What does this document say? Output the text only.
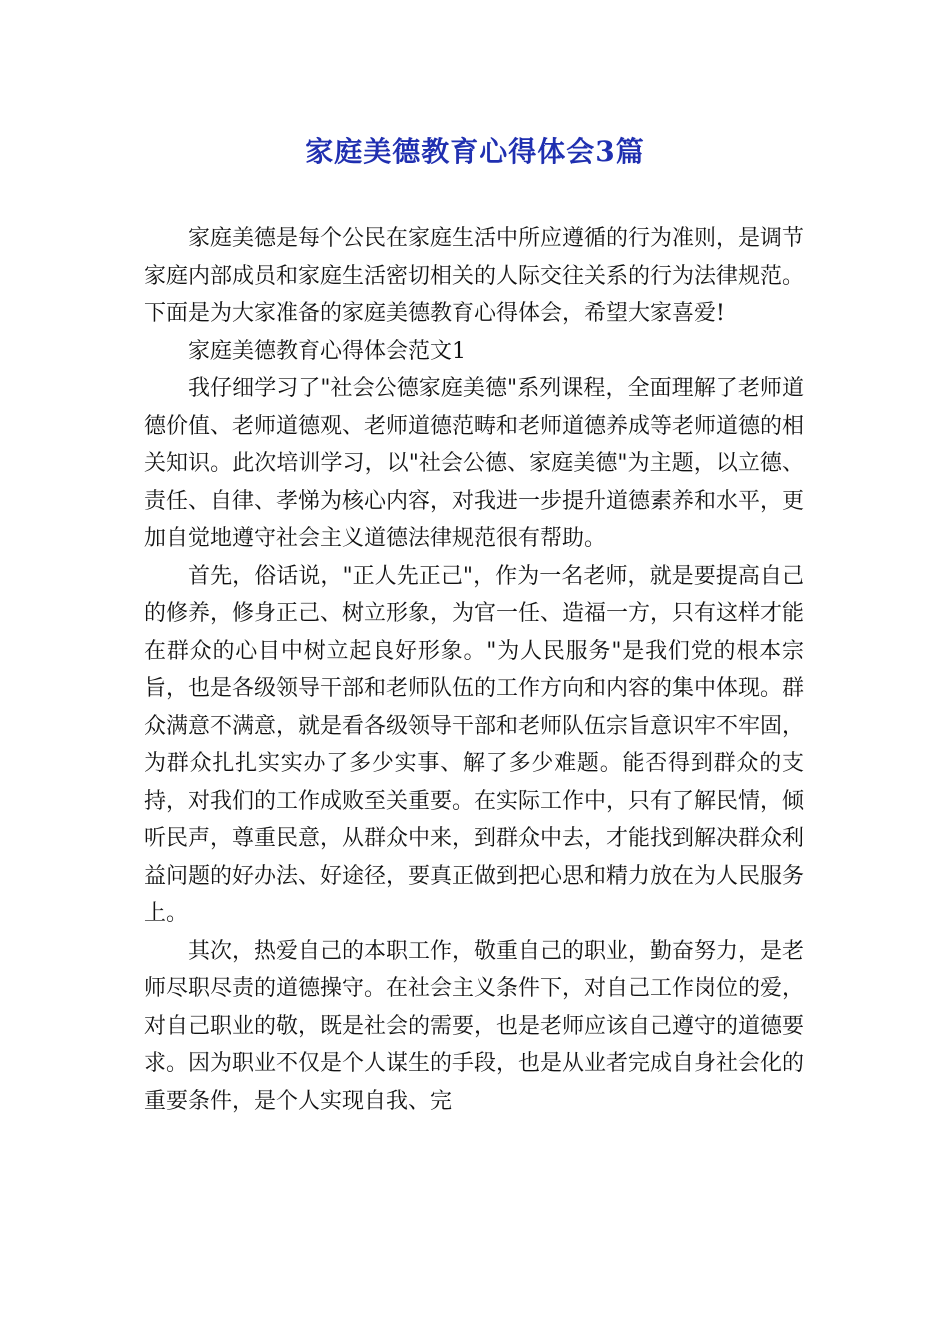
家庭美德教育心得体会3篇

家庭美德是每个公民在家庭生活中所应遵循的行为准则，是调节家庭内部成员和家庭生活密切相关的人际交往关系的行为法律规范。下面是为大家准备的家庭美德教育心得体会，希望大家喜爱!

家庭美德教育心得体会范文1

我仔细学习了"社会公德家庭美德"系列课程，全面理解了老师道德价值、老师道德观、老师道德范畴和老师道德养成等老师道德的相关知识。此次培训学习，以"社会公德、家庭美德"为主题，以立德、责任、自律、孝悌为核心内容，对我进一步提升道德素养和水平，更加自觉地遵守社会主义道德法律规范很有帮助。

首先，俗话说，"正人先正己"，作为一名老师，就是要提高自己的修养，修身正己、树立形象，为官一任、造福一方，只有这样才能在群众的心目中树立起良好形象。"为人民服务"是我们党的根本宗旨，也是各级领导干部和老师队伍的工作方向和内容的集中体现。群众满意不满意，就是看各级领导干部和老师队伍宗旨意识牢不牢固，为群众扎扎实实办了多少实事、解了多少难题。能否得到群众的支持，对我们的工作成败至关重要。在实际工作中，只有了解民情，倾听民声，尊重民意，从群众中来，到群众中去，才能找到解决群众利益问题的好办法、好途径，要真正做到把心思和精力放在为人民服务上。

其次，热爱自己的本职工作，敬重自己的职业，勤奋努力，是老师尽职尽责的道德操守。在社会主义条件下，对自己工作岗位的爱，对自己职业的敬，既是社会的需要，也是老师应该自己遵守的道德要求。因为职业不仅是个人谋生的手段，也是从业者完成自身社会化的重要条件，是个人实现自我、完
